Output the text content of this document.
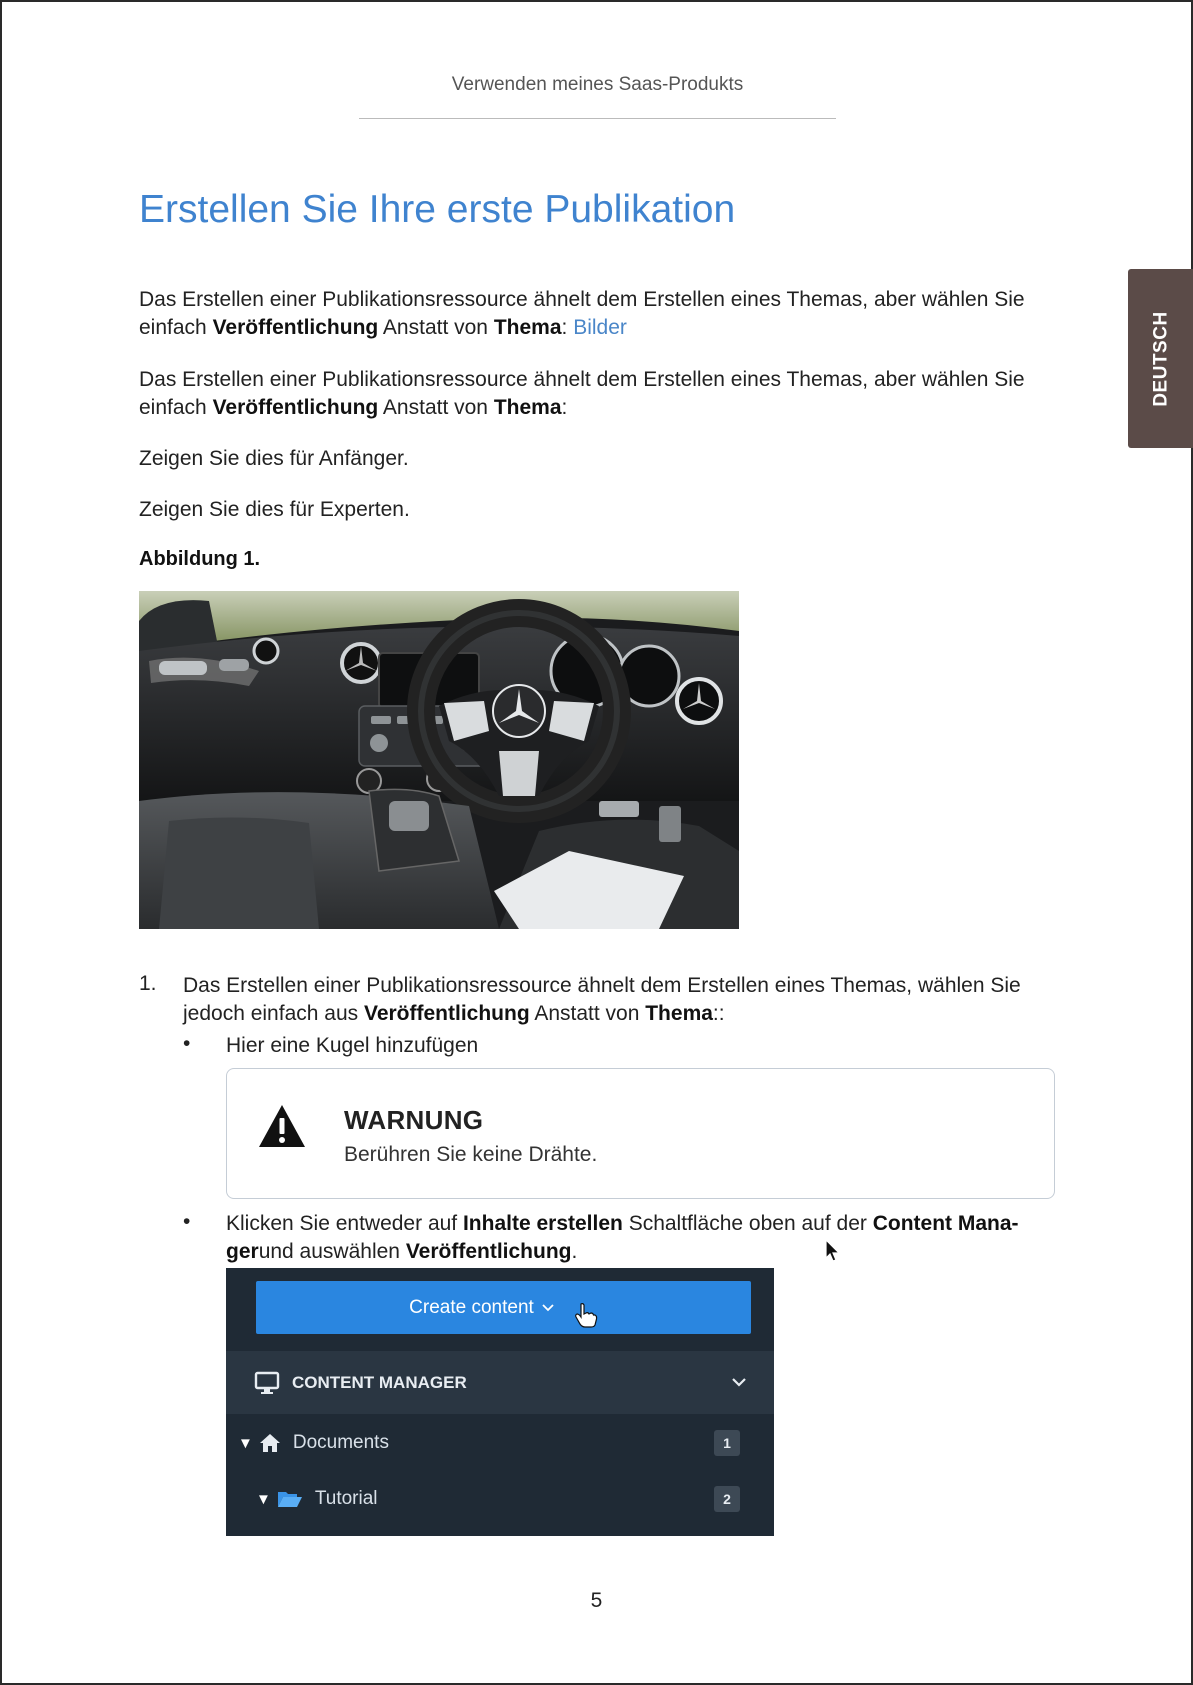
Verwenden meines Saas-Produkts
DEUTSCH
Erstellen Sie Ihre erste Publikation

Das Erstellen einer Publikationsressource ähnelt dem Erstellen eines Themas, aber wählen Sie einfach Veröffentlichung Anstatt von Thema: Bilder

Das Erstellen einer Publikationsressource ähnelt dem Erstellen eines Themas, aber wählen Sie einfach Veröffentlichung Anstatt von Thema:

Zeigen Sie dies für Anfänger.

Zeigen Sie dies für Experten.

Abbildung 1.
1. Das Erstellen einer Publikationsressource ähnelt dem Erstellen eines Themas, wählen Sie jedoch einfach aus Veröffentlichung Anstatt von Thema::

• Hier eine Kugel hinzufügen

WARNUNG
Berühren Sie keine Drähte.
• Klicken Sie entweder auf Inhalte erstellen Schaltfläche oben auf der Content Mana-gerund auswählen Veröffentlichung.

Create content
CONTENT MANAGER
▼ Documents	1
▼ Tutorial	2
5
